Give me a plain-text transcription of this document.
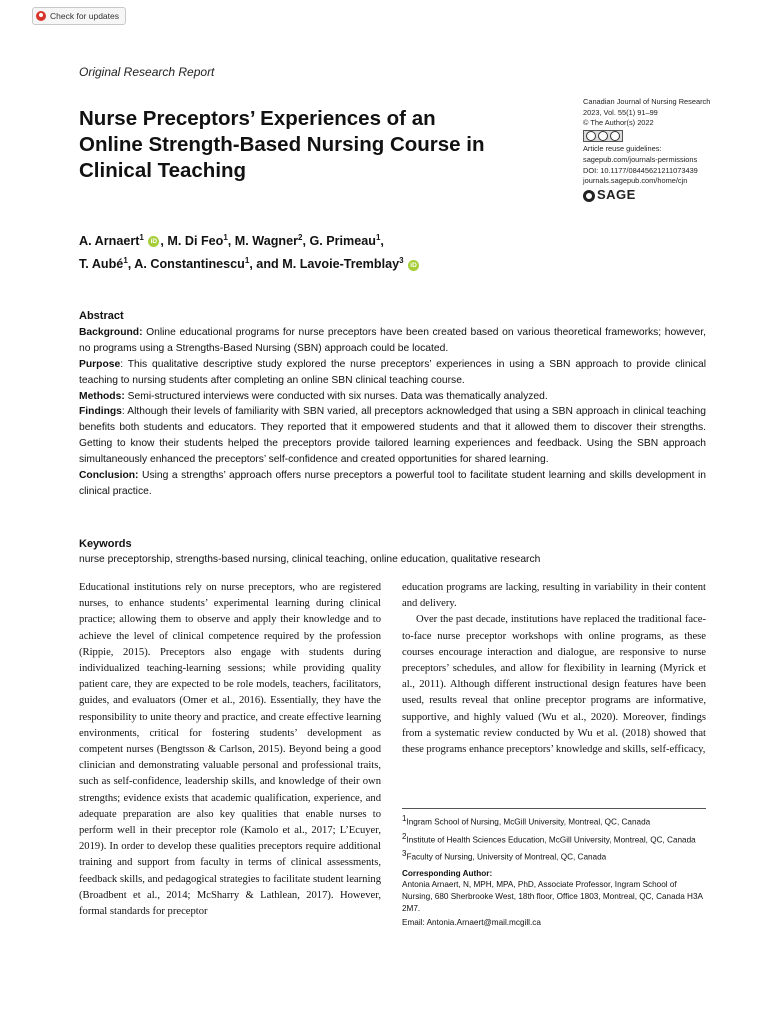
Check for updates
Original Research Report
Nurse Preceptors’ Experiences of an Online Strength-Based Nursing Course in Clinical Teaching
Canadian Journal of Nursing Research
2023, Vol. 55(1) 91–99
© The Author(s) 2022
Article reuse guidelines:
sagepub.com/journals-permissions
DOI: 10.1177/08445621211073439
journals.sagepub.com/home/cjn
SAGE
A. Arnaert$^1$ iD , M. Di Feo$^1$, M. Wagner$^2$, G. Primeau$^1$,
T. Aubé$^1$, A. Constantinescu$^1$, and M. Lavoie-Tremblay$^3$ iD

Abstract

Background: Online educational programs for nurse preceptors have been created based on various theoretical frameworks; however, no programs using a Strengths-Based Nursing (SBN) approach could be located.

Purpose: This qualitative descriptive study explored the nurse preceptors’ experiences in using a SBN approach to provide clinical teaching to nursing students after completing an online SBN clinical teaching course.

Methods: Semi-structured interviews were conducted with six nurses. Data was thematically analyzed.

Findings: Although their levels of familiarity with SBN varied, all preceptors acknowledged that using a SBN approach in clinical teaching benefits both students and educators. They reported that it empowered students and that it allowed them to discover their strengths. Getting to know their students helped the preceptors provide tailored learning experiences and feedback. Using the SBN approach simultaneously enhanced the preceptors’ self-confidence and created opportunities for shared learning.

Conclusion: Using a strengths’ approach offers nurse preceptors a powerful tool to facilitate student learning and skills development in clinical practice.

Keywords
nurse preceptorship, strengths-based nursing, clinical teaching, online education, qualitative research

Educational institutions rely on nurse preceptors, who are registered nurses, to enhance students’ experimental learning during clinical practice; allowing them to observe and apply their knowledge and to achieve the level of clinical competence required by the profession (Rippie, 2015). Preceptors also engage with students during individualized teaching-learning sessions; while providing quality patient care, they are expected to be role models, teachers, facilitators, guides, and evaluators (Omer et al., 2016). Essentially, they have the responsibility to unite theory and practice, and create effective learning environments, critical for fostering students’ development as competent nurses (Bengtsson & Carlson, 2015). Beyond being a good clinician and demonstrating valuable personal and professional traits, such as self-confidence, leadership skills, and knowledge of their own strengths; evidence exists that academic qualification, experience, and adequate preparation are also key qualities that enable nurses to perform well in their preceptor role (Kamolo et al., 2017; L’Ecuyer, 2019). In order to develop these qualities preceptors require additional training and support from faculty in terms of clinical assessments, feedback skills, and pedagogical strategies to facilitate student learning (Broadbent et al., 2014; McSharry & Lathlean, 2017). However, formal standards for preceptor

education programs are lacking, resulting in variability in their content and delivery.

Over the past decade, institutions have replaced the traditional face-to-face nurse preceptor workshops with online programs, as these courses encourage interaction and dialogue, are responsive to nurse preceptors’ schedules, and allow for flexibility in learning (Myrick et al., 2011). Although different instructional design features have been used, results reveal that online preceptor programs are informative, supportive, and highly valued (Wu et al., 2020). Moreover, findings from a systematic review conducted by Wu et al. (2018) showed that these programs enhance preceptors’ knowledge and skills, self-efficacy,

$^1$Ingram School of Nursing, McGill University, Montreal, QC, Canada

$^2$Institute of Health Sciences Education, McGill University, Montreal, QC, Canada

$^3$Faculty of Nursing, University of Montreal, QC, Canada

Corresponding Author:

Antonia Arnaert, N, MPH, MPA, PhD, Associate Professor, Ingram School of Nursing, 680 Sherbrooke West, 18th floor, Office 1803, Montreal, QC, Canada H3A 2M7.

Email: Antonia.Arnaert@mail.mcgill.ca
